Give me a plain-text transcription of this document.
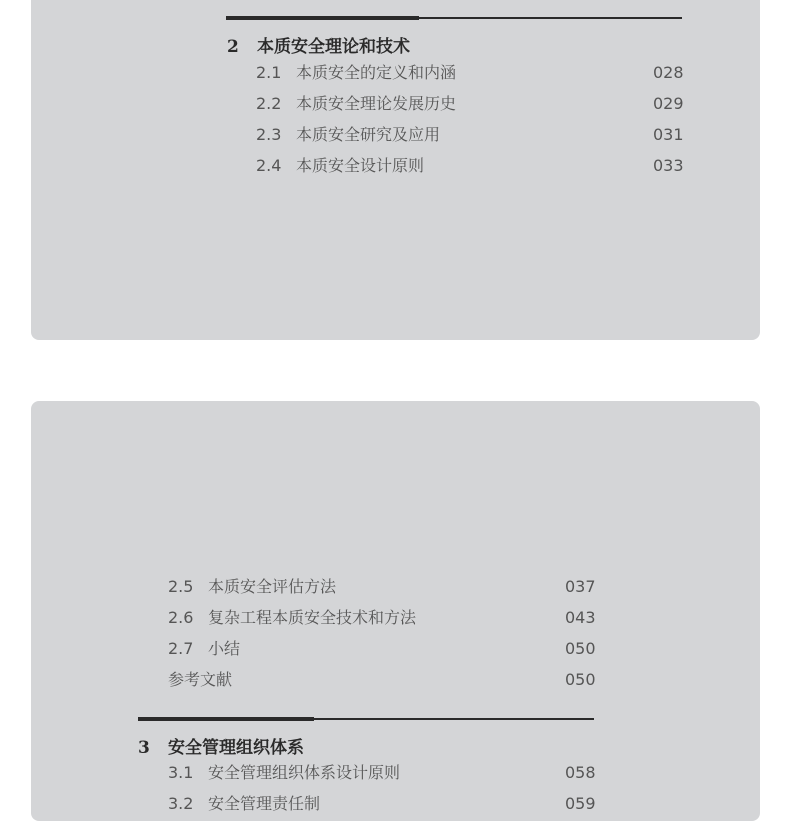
2 本质安全理论和技术
2.1 本质安全的定义和内涵	028
2.2 本质安全理论发展历史	029
2.3 本质安全研究及应用	031
2.4 本质安全设计原则	033
2.5 本质安全评估方法	037
2.6 复杂工程本质安全技术和方法	043
2.7 小结	050
参考文献	050
3 安全管理组织体系
3.1 安全管理组织体系设计原则	058
3.2 安全管理责任制	059
